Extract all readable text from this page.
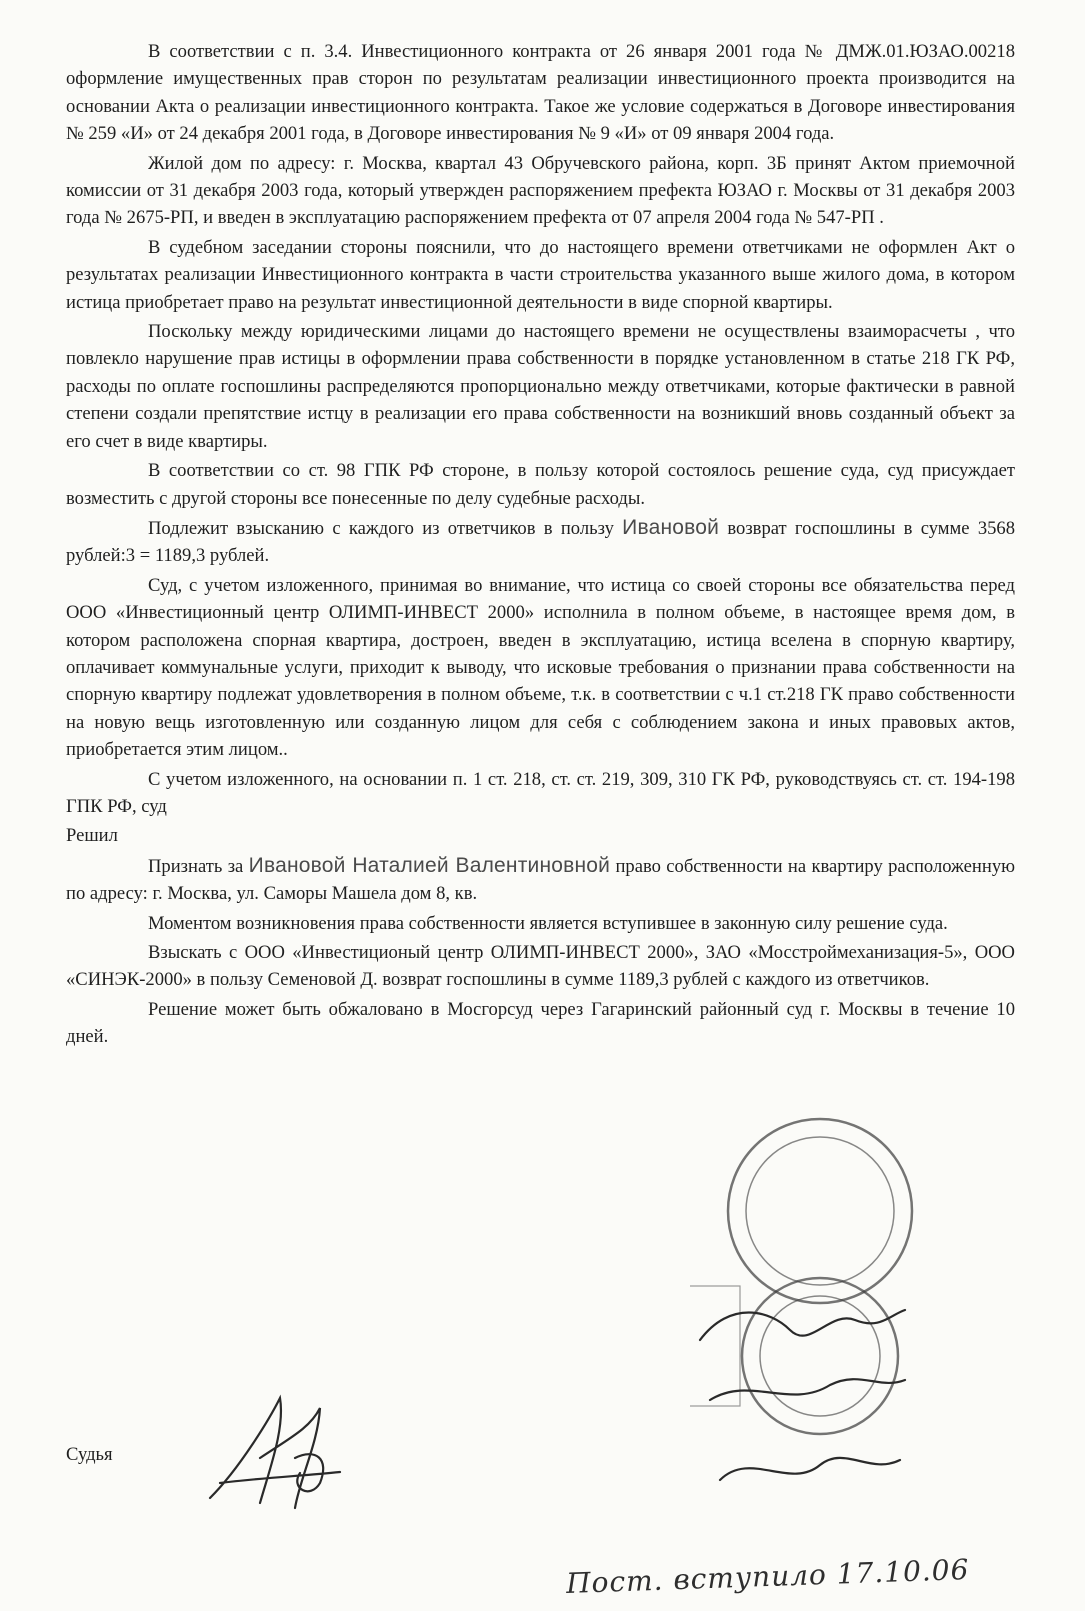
В соответствии с п. 3.4. Инвестиционного контракта от 26 января 2001 года № ДМЖ.01.ЮЗАО.00218 оформление имущественных прав сторон по результатам реализации инвестиционного проекта производится на основании Акта о реализации инвестиционного контракта. Такое же условие содержаться в Договоре инвестирования № 259 «И» от 24 декабря 2001 года, в Договоре инвестирования № 9 «И» от 09 января 2004 года.

Жилой дом по адресу: г. Москва, квартал 43 Обручевского района, корп. 3Б принят Актом приемочной комиссии от 31 декабря 2003 года, который утвержден распоряжением префекта ЮЗАО г. Москвы от 31 декабря 2003 года № 2675-РП, и введен в эксплуатацию распоряжением префекта от 07 апреля 2004 года № 547-РП .

В судебном заседании стороны пояснили, что до настоящего времени ответчиками не оформлен Акт о результатах реализации Инвестиционного контракта в части строительства указанного выше жилого дома, в котором истица приобретает право на результат инвестиционной деятельности в виде спорной квартиры.

Поскольку между юридическими лицами до настоящего времени не осуществлены взаиморасчеты , что повлекло нарушение прав истицы в оформлении права собственности в порядке установленном в статье 218 ГК РФ, расходы по оплате госпошлины распределяются пропорционально между ответчиками, которые фактически в равной степени создали препятствие истцу в реализации его права собственности на возникший вновь созданный объект за его счет в виде квартиры.

В соответствии со ст. 98 ГПК РФ стороне, в пользу которой состоялось решение суда, суд присуждает возместить с другой стороны все понесенные по делу судебные расходы.

Подлежит взысканию с каждого из ответчиков в пользу Ивановой возврат госпошлины в сумме 3568 рублей:3 = 1189,3 рублей.

Суд, с учетом изложенного, принимая во внимание, что истица со своей стороны все обязательства перед ООО «Инвестиционный центр ОЛИМП-ИНВЕСТ 2000» исполнила в полном объеме, в настоящее время дом, в котором расположена спорная квартира, достроен, введен в эксплуатацию, истица вселена в спорную квартиру, оплачивает коммунальные услуги, приходит к выводу, что исковые требования о признании права собственности на спорную квартиру подлежат удовлетворения в полном объеме, т.к. в соответствии с ч.1 ст.218 ГК право собственности на новую вещь изготовленную или созданную лицом для себя с соблюдением закона и иных правовых актов, приобретается этим лицом..

С учетом изложенного, на основании п. 1 ст. 218, ст. ст. 219, 309, 310 ГК РФ, руководствуясь ст. ст. 194-198 ГПК РФ, суд

Решил

Признать за Ивановой Наталией Валентиновной право собственности на квартиру расположенную по адресу: г. Москва, ул. Саморы Машела дом 8, кв.

Моментом возникновения права собственности является вступившее в законную силу решение суда.

Взыскать с ООО «Инвестиционый центр ОЛИМП-ИНВЕСТ 2000», ЗАО «Мосстроймеханизация-5», ООО «СИНЭК-2000» в пользу Семеновой Д. возврат госпошлины в сумме 1189,3 рублей с каждого из ответчиков.

Решение может быть обжаловано в Мосгорсуд через Гагаринский районный суд г. Москвы в течение 10 дней.

Судья
Пост. вступило 17.10.06
